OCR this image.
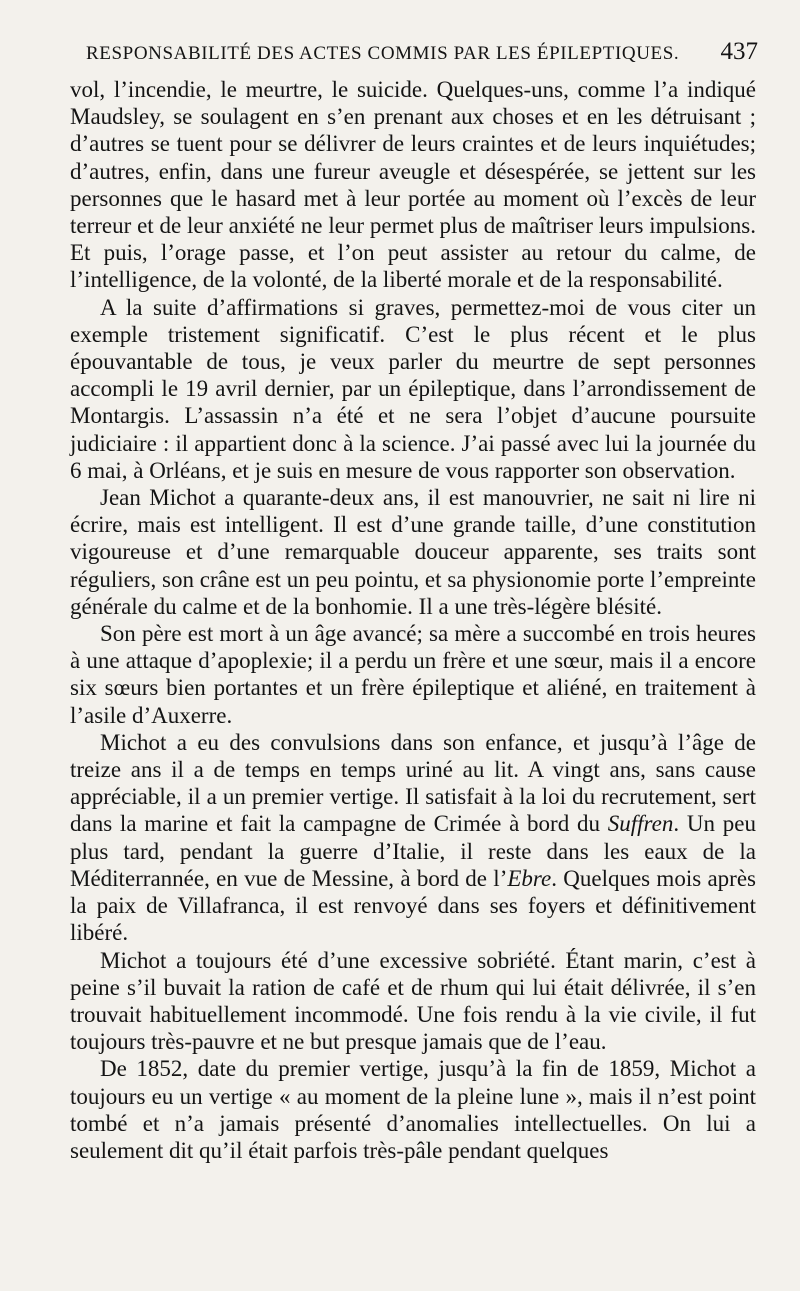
RESPONSABILITÉ DES ACTES COMMIS PAR LES ÉPILEPTIQUES. 437

vol, l’incendie, le meurtre, le suicide. Quelques-uns, comme l’a indiqué Maudsley, se soulagent en s’en prenant aux choses et en les détruisant ; d’autres se tuent pour se délivrer de leurs craintes et de leurs inquiétudes; d’autres, enfin, dans une fureur aveugle et désespérée, se jettent sur les personnes que le hasard met à leur portée au moment où l’excès de leur terreur et de leur anxiété ne leur permet plus de maîtriser leurs impulsions. Et puis, l’orage passe, et l’on peut assister au retour du calme, de l’intelligence, de la volonté, de la liberté morale et de la responsabilité.

A la suite d’affirmations si graves, permettez-moi de vous citer un exemple tristement significatif. C’est le plus récent et le plus épouvantable de tous, je veux parler du meurtre de sept personnes accompli le 19 avril dernier, par un épileptique, dans l’arrondissement de Montargis. L’assassin n’a été et ne sera l’objet d’aucune poursuite judiciaire : il appartient donc à la science. J’ai passé avec lui la journée du 6 mai, à Orléans, et je suis en mesure de vous rapporter son observation.

Jean Michot a quarante-deux ans, il est manouvrier, ne sait ni lire ni écrire, mais est intelligent. Il est d’une grande taille, d’une constitution vigoureuse et d’une remarquable douceur apparente, ses traits sont réguliers, son crâne est un peu pointu, et sa physionomie porte l’empreinte générale du calme et de la bonhomie. Il a une très-légère blésité.

Son père est mort à un âge avancé; sa mère a succombé en trois heures à une attaque d’apoplexie; il a perdu un frère et une sœur, mais il a encore six sœurs bien portantes et un frère épileptique et aliéné, en traitement à l’asile d’Auxerre.

Michot a eu des convulsions dans son enfance, et jusqu’à l’âge de treize ans il a de temps en temps uriné au lit. A vingt ans, sans cause appréciable, il a un premier vertige. Il satisfait à la loi du recrutement, sert dans la marine et fait la campagne de Crimée à bord du Suffren. Un peu plus tard, pendant la guerre d’Italie, il reste dans les eaux de la Méditerrannée, en vue de Messine, à bord de l’Ebre. Quelques mois après la paix de Villafranca, il est renvoyé dans ses foyers et définitivement libéré.

Michot a toujours été d’une excessive sobriété. Étant marin, c’est à peine s’il buvait la ration de café et de rhum qui lui était délivrée, il s’en trouvait habituellement incommodé. Une fois rendu à la vie civile, il fut toujours très-pauvre et ne but presque jamais que de l’eau.

De 1852, date du premier vertige, jusqu’à la fin de 1859, Michot a toujours eu un vertige « au moment de la pleine lune », mais il n’est point tombé et n’a jamais présenté d’anomalies intellectuelles. On lui a seulement dit qu’il était parfois très-pâle pendant quelques
